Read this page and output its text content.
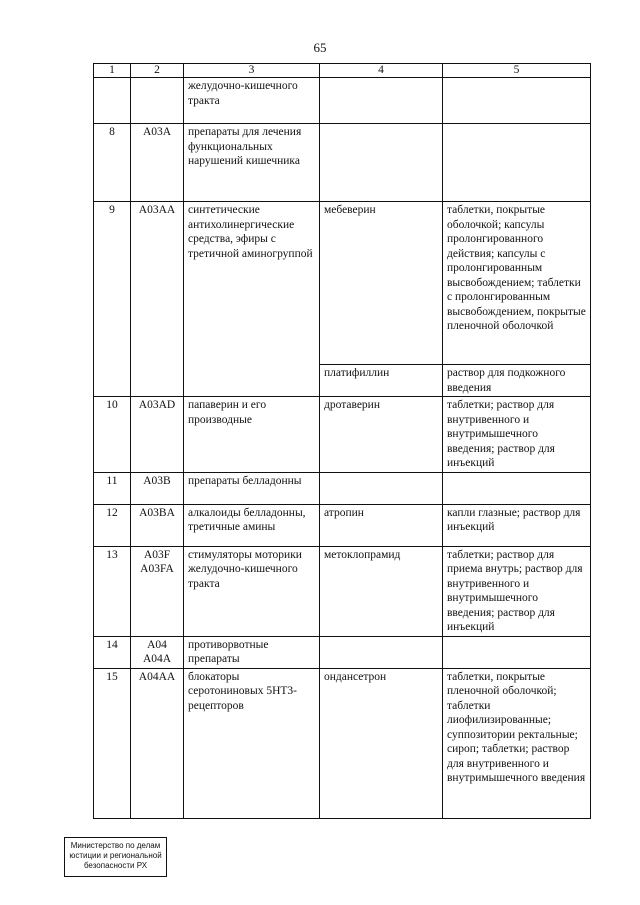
65
1	2	3	4	5
		желудочно-кишечного тракта		
8	A03A	препараты для лечения функциональных нарушений кишечника		
9	A03AA	синтетические антихолинергические средства, эфиры с третичной аминогруппой	мебеверин	таблетки, покрытые оболочкой; капсулы пролонгированного действия; капсулы с пролонгированным высвобождением; таблетки с пролонгированным высвобождением, покрытые пленочной оболочкой
			платифиллин	раствор для подкожного введения
10	A03AD	папаверин и его производные	дротаверин	таблетки; раствор для внутривенного и внутримышечного введения; раствор для инъекций
11	A03B	препараты белладонны		
12	A03BA	алкалоиды белладонны, третичные амины	атропин	капли глазные; раствор для инъекций
13	A03F A03FA	стимуляторы моторики желудочно-кишечного тракта	метоклопрамид	таблетки; раствор для приема внутрь; раствор для внутривенного и внутримышечного введения; раствор для инъекций
14	A04 A04A	противорвотные препараты		
15	A04AA	блокаторы серотониновых 5НТ3-рецепторов	ондансетрон	таблетки, покрытые пленочной оболочкой; таблетки лиофилизированные; суппозитории ректальные; сироп; таблетки; раствор для внутривенного и внутримышечного введения
Министерство по делам
юстиции и региональной
безопасности РХ
